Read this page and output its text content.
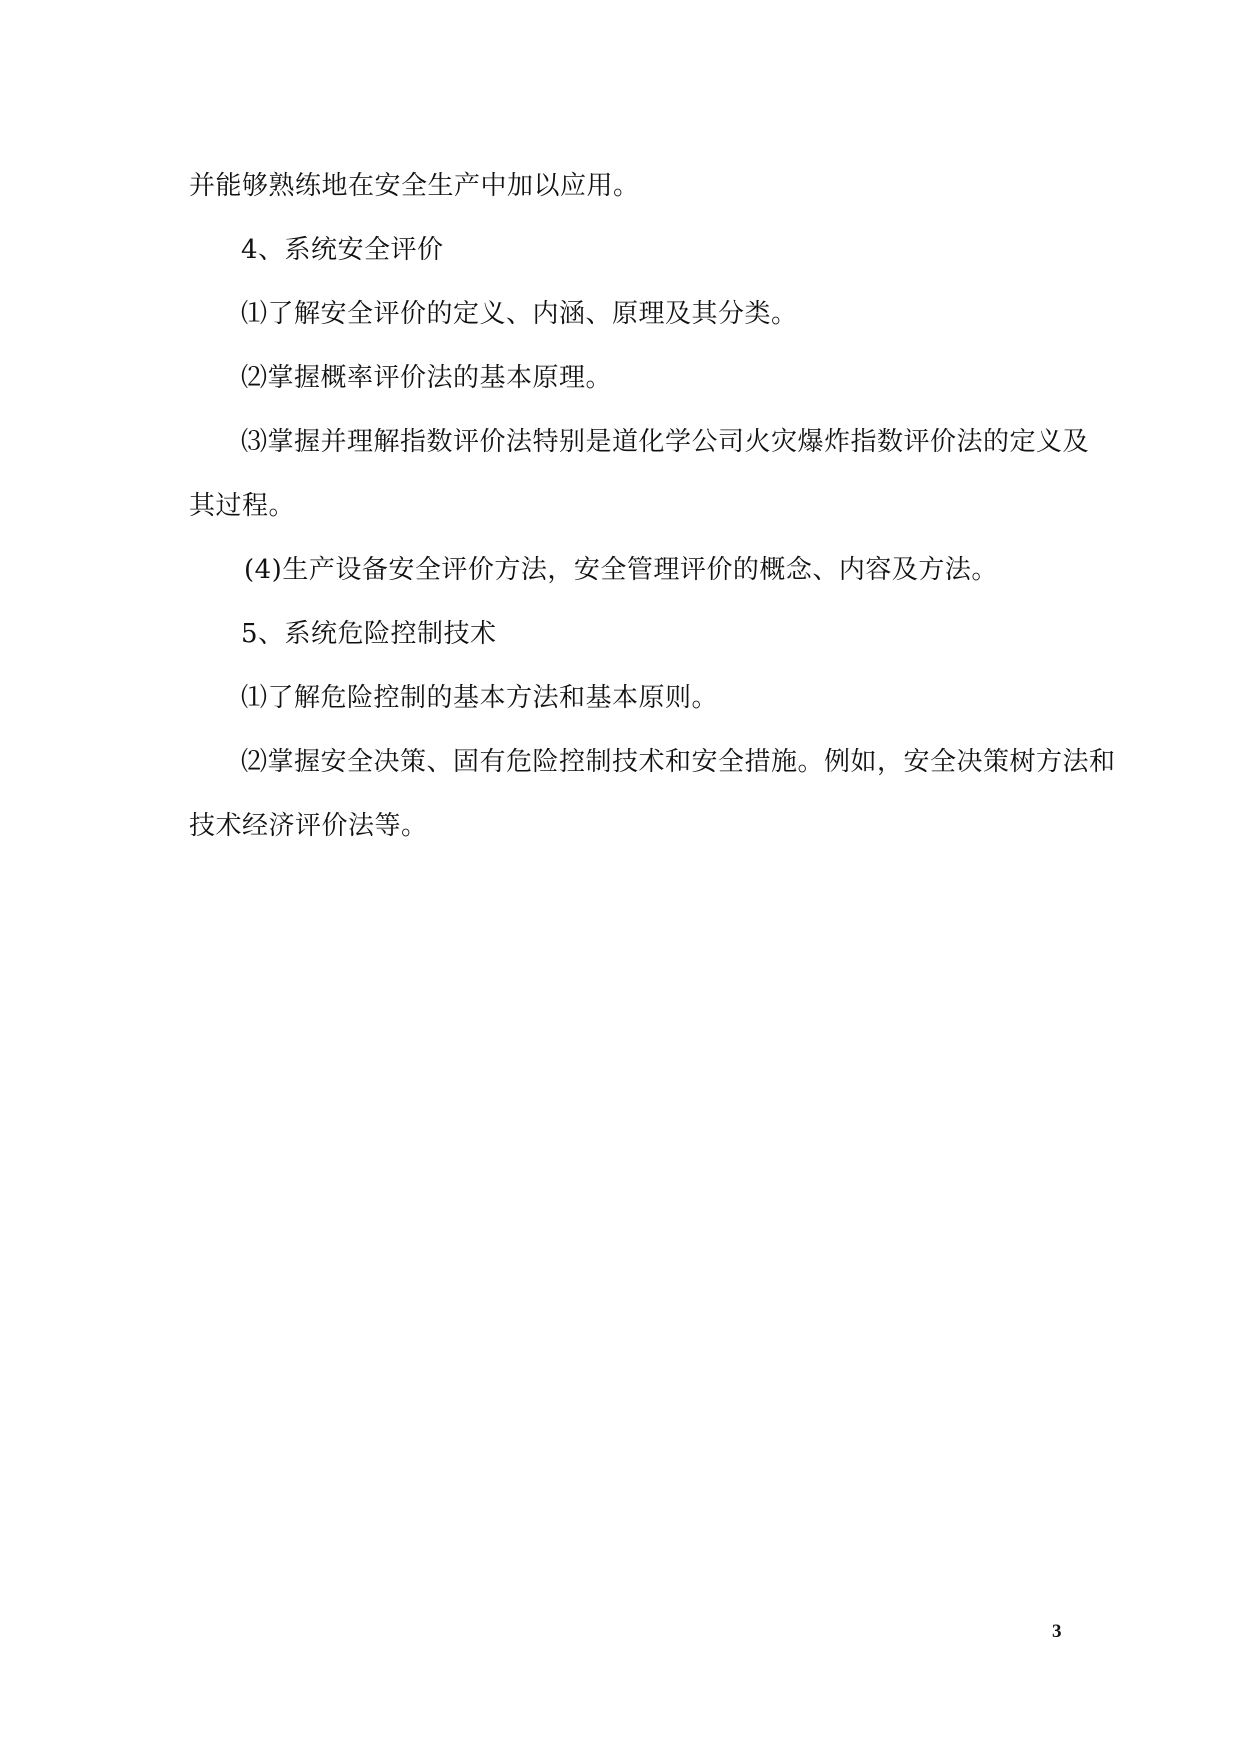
并能够熟练地在安全生产中加以应用。

4、系统安全评价

⑴了解安全评价的定义、内涵、原理及其分类。

⑵掌握概率评价法的基本原理。

⑶掌握并理解指数评价法特别是道化学公司火灾爆炸指数评价法的定义及

其过程。

(4)生产设备安全评价方法，安全管理评价的概念、内容及方法。

5、系统危险控制技术

⑴了解危险控制的基本方法和基本原则。

⑵掌握安全决策、固有危险控制技术和安全措施。例如，安全决策树方法和

技术经济评价法等。

3
